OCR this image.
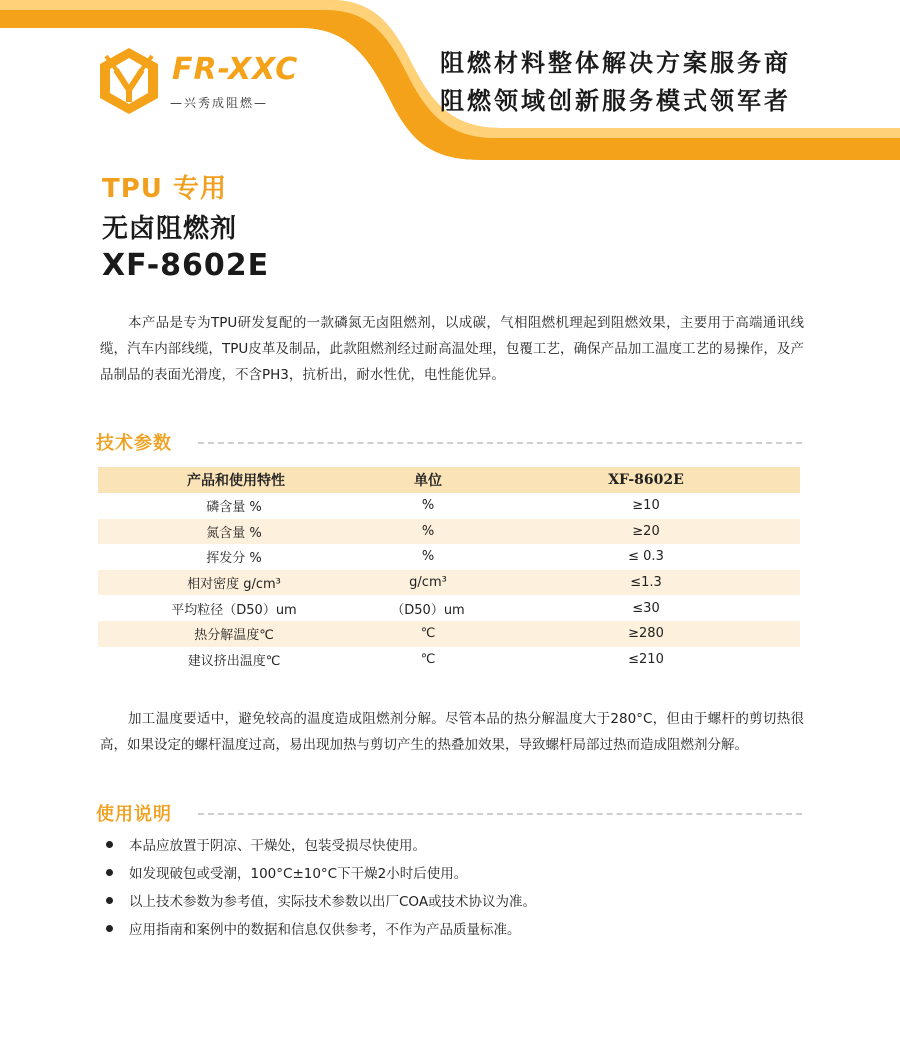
FR-XXC
—兴秀成阻燃—
阻燃材料整体解决方案服务商
阻燃领域创新服务模式领军者
TPU 专用
无卤阻燃剂
XF-8602E
本产品是专为TPU研发复配的一款磷氮无卤阻燃剂，以成碳，气相阻燃机理起到阻燃效果，主要用于高端通讯线缆，汽车内部线缆，TPU皮革及制品，此款阻燃剂经过耐高温处理，包覆工艺，确保产品加工温度工艺的易操作，及产品制品的表面光滑度，不含PH3，抗析出，耐水性优，电性能优异。
技术参数
产品和使用特性	单位	XF-8602E
磷含量 %	%	≥10
氮含量 %	%	≥20
挥发分 %	%	≤ 0.3
相对密度 g/cm³	g/cm³	≤1.3
平均粒径（D50）um	（D50）um	≤30
热分解温度℃	℃	≥280
建议挤出温度℃	℃	≤210
加工温度要适中，避免较高的温度造成阻燃剂分解。尽管本品的热分解温度大于280°C，但由于螺杆的剪切热很高，如果设定的螺杆温度过高，易出现加热与剪切产生的热叠加效果，导致螺杆局部过热而造成阻燃剂分解。
使用说明
本品应放置于阴凉、干燥处，包装受损尽快使用。
如发现破包或受潮，100°C±10°C下干燥2小时后使用。
以上技术参数为参考值，实际技术参数以出厂COA或技术协议为准。
应用指南和案例中的数据和信息仅供参考，不作为产品质量标准。
